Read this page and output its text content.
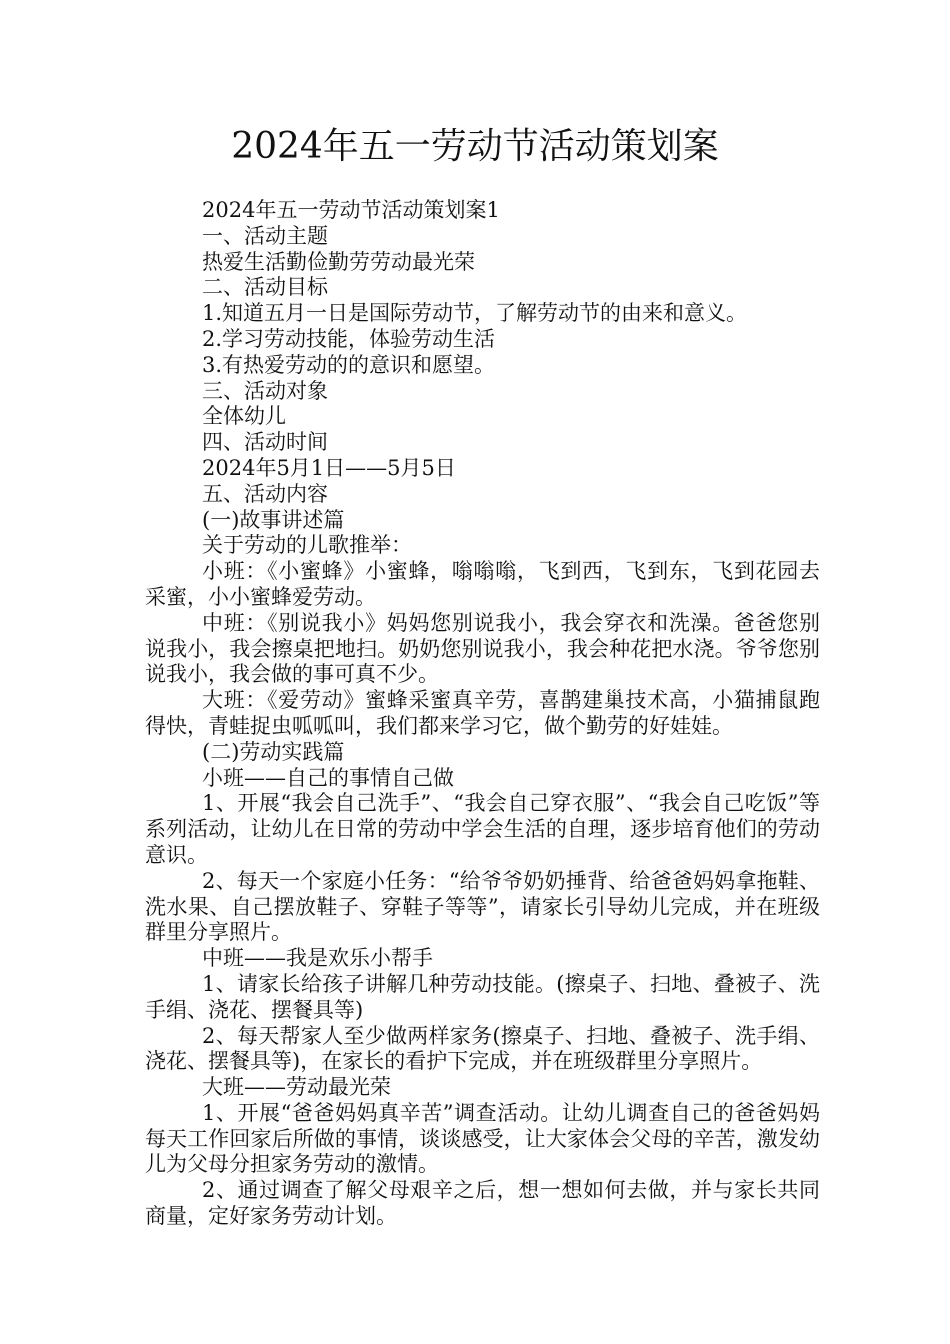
2024年五一劳动节活动策划案

2024年五一劳动节活动策划案1

一、活动主题

热爱生活勤俭勤劳劳动最光荣

二、活动目标

1.知道五月一日是国际劳动节，了解劳动节的由来和意义。

2.学习劳动技能，体验劳动生活

3.有热爱劳动的的意识和愿望。

三、活动对象

全体幼儿

四、活动时间

2024年5月1日——5月5日

五、活动内容

(一)故事讲述篇

关于劳动的儿歌推举：

小班：《小蜜蜂》小蜜蜂，嗡嗡嗡，飞到西，飞到东，飞到花园去采蜜，小小蜜蜂爱劳动。

中班：《别说我小》妈妈您别说我小，我会穿衣和洗澡。爸爸您别说我小，我会擦桌把地扫。奶奶您别说我小，我会种花把水浇。爷爷您别说我小，我会做的事可真不少。

大班：《爱劳动》蜜蜂采蜜真辛劳，喜鹊建巢技术高，小猫捕鼠跑得快，青蛙捉虫呱呱叫，我们都来学习它，做个勤劳的好娃娃。

(二)劳动实践篇

小班——自己的事情自己做

1、开展“我会自己洗手”、“我会自己穿衣服”、“我会自己吃饭”等系列活动，让幼儿在日常的劳动中学会生活的自理，逐步培育他们的劳动意识。

2、每天一个家庭小任务：“给爷爷奶奶捶背、给爸爸妈妈拿拖鞋、洗水果、自己摆放鞋子、穿鞋子等等”，请家长引导幼儿完成，并在班级群里分享照片。

中班——我是欢乐小帮手

1、请家长给孩子讲解几种劳动技能。(擦桌子、扫地、叠被子、洗手绢、浇花、摆餐具等)

2、每天帮家人至少做两样家务(擦桌子、扫地、叠被子、洗手绢、浇花、摆餐具等)，在家长的看护下完成，并在班级群里分享照片。

大班——劳动最光荣

1、开展“爸爸妈妈真辛苦”调查活动。让幼儿调查自己的爸爸妈妈每天工作回家后所做的事情，谈谈感受，让大家体会父母的辛苦，激发幼儿为父母分担家务劳动的激情。

2、通过调查了解父母艰辛之后，想一想如何去做，并与家长共同商量，定好家务劳动计划。
